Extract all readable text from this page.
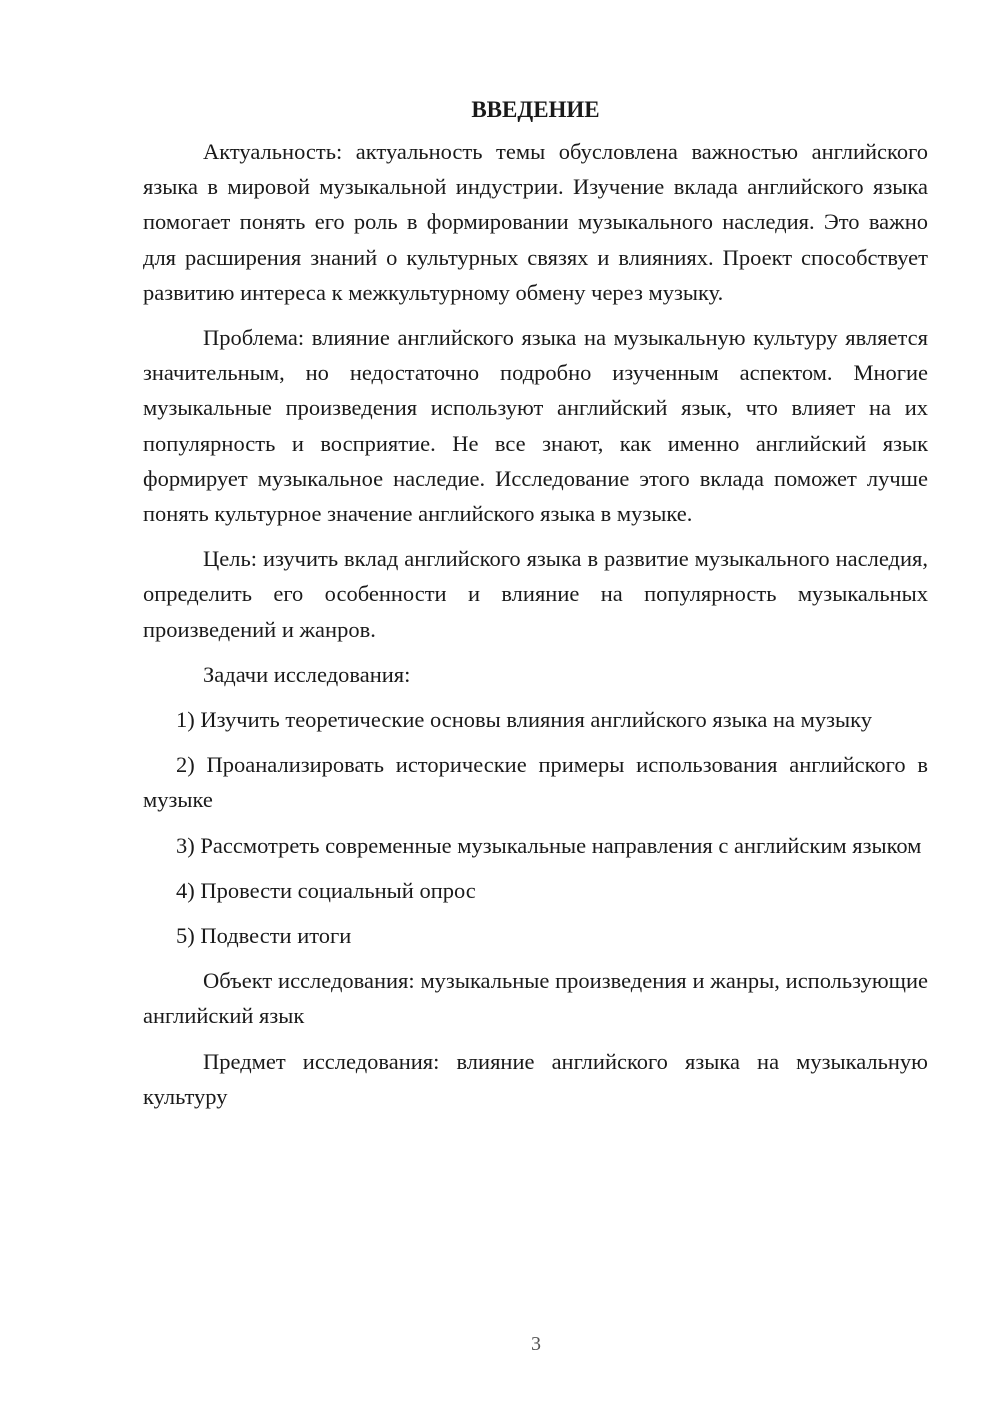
ВВЕДЕНИЕ

Актуальность: актуальность темы обусловлена важностью английского языка в мировой музыкальной индустрии. Изучение вклада английского языка помогает понять его роль в формировании музыкального наследия. Это важно для расширения знаний о культурных связях и влияниях. Проект способствует развитию интереса к межкультурному обмену через музыку.

Проблема: влияние английского языка на музыкальную культуру является значительным, но недостаточно подробно изученным аспектом. Многие музыкальные произведения используют английский язык, что влияет на их популярность и восприятие. Не все знают, как именно английский язык формирует музыкальное наследие. Исследование этого вклада поможет лучше понять культурное значение английского языка в музыке.

Цель: изучить вклад английского языка в развитие музыкального наследия, определить его особенности и влияние на популярность музыкальных произведений и жанров.

Задачи исследования:

1) Изучить теоретические основы влияния английского языка на музыку

2) Проанализировать исторические примеры использования английского в музыке

3) Рассмотреть современные музыкальные направления с английским языком

4) Провести социальный опрос

5) Подвести итоги

Объект исследования: музыкальные произведения и жанры, использующие английский язык

Предмет исследования: влияние английского языка на музыкальную культуру

3
